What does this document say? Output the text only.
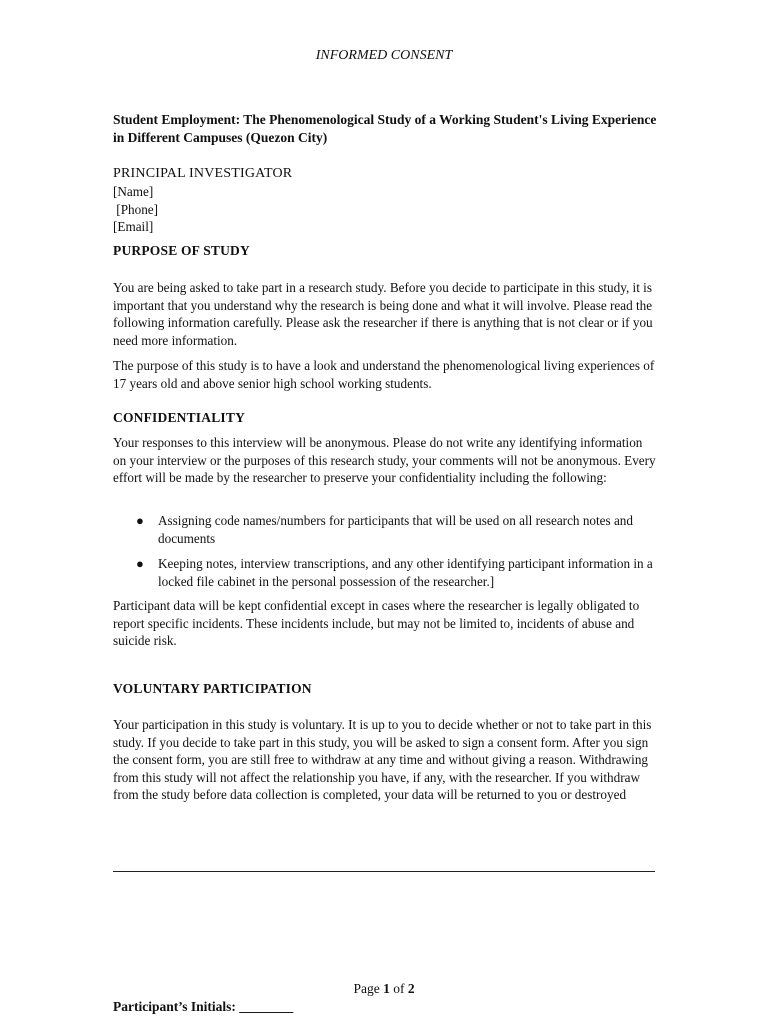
INFORMED CONSENT
Student Employment: The Phenomenological Study of a Working Student's Living Experience in Different Campuses (Quezon City)
PRINCIPAL INVESTIGATOR
[Name]
[Phone]
[Email]
PURPOSE OF STUDY
You are being asked to take part in a research study. Before you decide to participate in this study, it is important that you understand why the research is being done and what it will involve. Please read the following information carefully. Please ask the researcher if there is anything that is not clear or if you need more information.
The purpose of this study is to have a look and understand the phenomenological living experiences of 17 years old and above senior high school working students.
CONFIDENTIALITY
Your responses to this interview will be anonymous. Please do not write any identifying information on your interview or the purposes of this research study, your comments will not be anonymous. Every effort will be made by the researcher to preserve your confidentiality including the following:
● Assigning code names/numbers for participants that will be used on all research notes and documents
● Keeping notes, interview transcriptions, and any other identifying participant information in a locked file cabinet in the personal possession of the researcher.]
Participant data will be kept confidential except in cases where the researcher is legally obligated to report specific incidents. These incidents include, but may not be limited to, incidents of abuse and suicide risk.
VOLUNTARY PARTICIPATION
Your participation in this study is voluntary. It is up to you to decide whether or not to take part in this study. If you decide to take part in this study, you will be asked to sign a consent form. After you sign the consent form, you are still free to withdraw at any time and without giving a reason. Withdrawing from this study will not affect the relationship you have, if any, with the researcher. If you withdraw from the study before data collection is completed, your data will be returned to you or destroyed
Page 1 of 2
Participant’s Initials: ________
